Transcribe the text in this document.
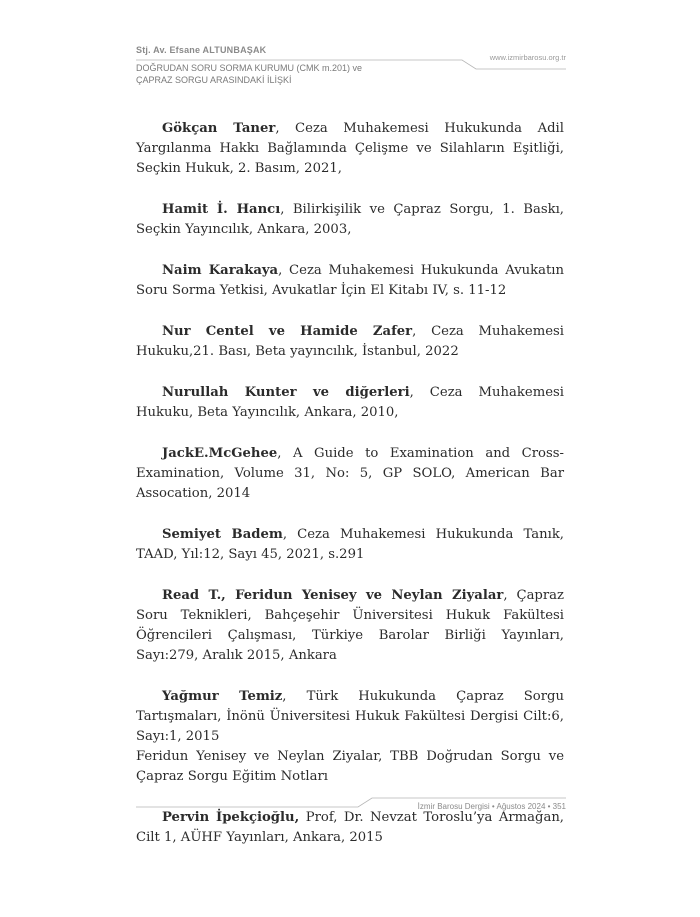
Stj. Av. Efsane ALTUNBAŞAK
DOĞRUDAN SORU SORMA KURUMU (CMK m.201) ve
ÇAPRAZ SORGU ARASINDAKİ İLİŞKİ
www.izmirbarosu.org.tr

Gökçan Taner, Ceza Muhakemesi Hukukunda Adil Yargılanma Hakkı Bağlamında Çelişme ve Silahların Eşitliği, Seçkin Hukuk, 2. Basım, 2021,

Hamit İ. Hancı, Bilirkişilik ve Çapraz Sorgu, 1. Baskı, Seçkin Yayıncılık, Ankara, 2003,

Naim Karakaya, Ceza Muhakemesi Hukukunda Avukatın Soru Sorma Yetkisi, Avukatlar İçin El Kitabı IV, s. 11-12

Nur Centel ve Hamide Zafer, Ceza Muhakemesi Hukuku,21. Bası, Beta yayıncılık, İstanbul, 2022

Nurullah Kunter ve diğerleri, Ceza Muhakemesi Hukuku, Beta Yayıncılık, Ankara, 2010,

JackE.McGehee, A Guide to Examination and Cross-Examination, Volume 31, No: 5, GP SOLO, American Bar Assocation, 2014

Semiyet Badem, Ceza Muhakemesi Hukukunda Tanık, TAAD, Yıl:12, Sayı 45, 2021, s.291

Read T., Feridun Yenisey ve Neylan Ziyalar, Çapraz Soru Teknikleri, Bahçeşehir Üniversitesi Hukuk Fakültesi Öğrencileri Çalışması, Türkiye Barolar Birliği Yayınları, Sayı:279, Aralık 2015, Ankara

Yağmur Temiz, Türk Hukukunda Çapraz Sorgu Tartışmaları, İnönü Üniversitesi Hukuk Fakültesi Dergisi Cilt:6, Sayı:1, 2015
Feridun Yenisey ve Neylan Ziyalar, TBB Doğrudan Sorgu ve Çapraz Sorgu Eğitim Notları

Pervin İpekçioğlu, Prof, Dr. Nevzat Toroslu’ya Armağan, Cilt 1, AÜHF Yayınları, Ankara, 2015

İzmir Barosu Dergisi • Ağustos 2024 • 351
